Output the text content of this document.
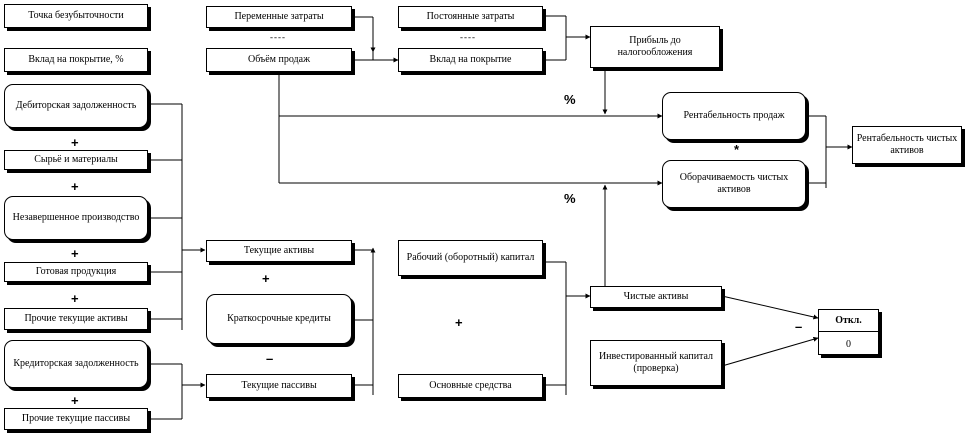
Точка безубыточности
Вклад на покрытие, %
Дебиторская задолженность
+
Сырьё и материалы
+
Незавершенное производство
+
Готовая продукция
+
Прочие текущие активы
Кредиторская задолженность
+
Прочие текущие пассивы
Переменные затраты
----
Объём продаж
Текущие активы
+
Краткосрочные кредиты
–
Текущие пассивы
Постоянные затраты
----
Вклад на покрытие
Рабочий (оборотный) капитал
+
Основные средства
Прибыль до налогообложения
%
%
Чистые активы
Инвестированный капитал (проверка)
Рентабельность продаж
*
Оборачиваемость чистых активов
–
Рентабельность чистых активов
Откл.
0
